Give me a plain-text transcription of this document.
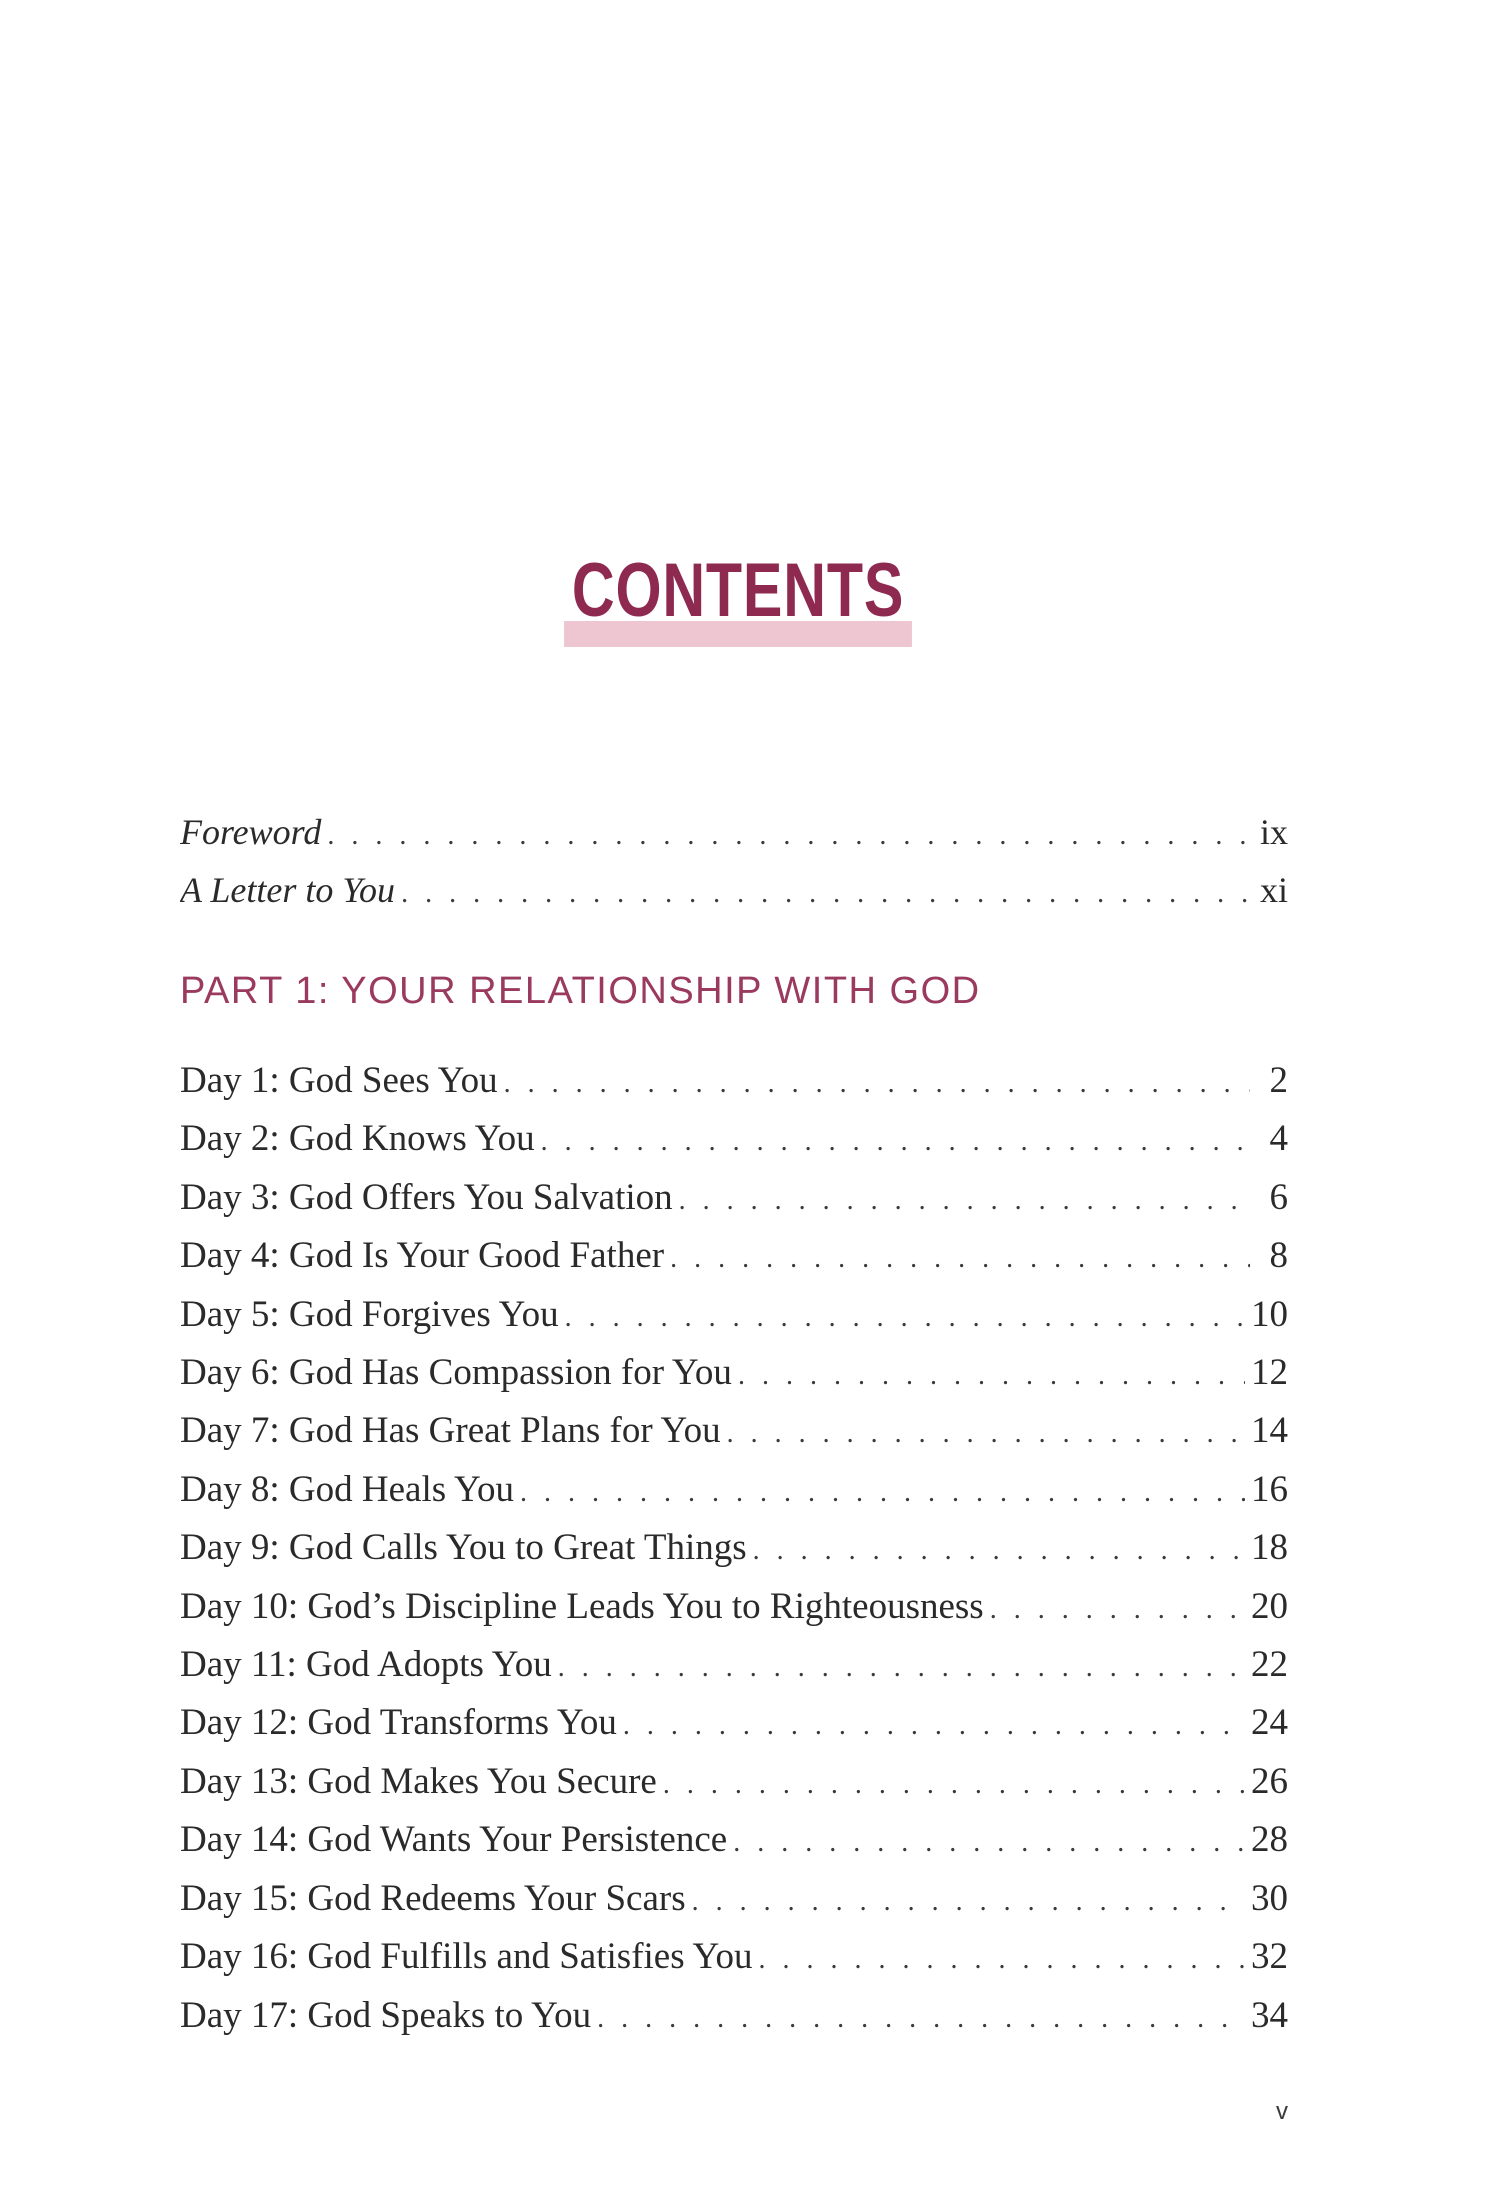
CONTENTS
Foreword . . .	ix
A Letter to You . . .	xi
PART 1: YOUR RELATIONSHIP WITH GOD
Day 1: God Sees You . . .	2
Day 2: God Knows You . . .	4
Day 3: God Offers You Salvation . . .	6
Day 4: God Is Your Good Father . . .	8
Day 5: God Forgives You . . .	10
Day 6: God Has Compassion for You . . .	12
Day 7: God Has Great Plans for You . . .	14
Day 8: God Heals You . . .	16
Day 9: God Calls You to Great Things . . .	18
Day 10: God’s Discipline Leads You to Righteousness . . .	20
Day 11: God Adopts You . . .	22
Day 12: God Transforms You . . .	24
Day 13: God Makes You Secure . . .	26
Day 14: God Wants Your Persistence . . .	28
Day 15: God Redeems Your Scars . . .	30
Day 16: God Fulfills and Satisfies You . . .	32
Day 17: God Speaks to You . . .	34
v
